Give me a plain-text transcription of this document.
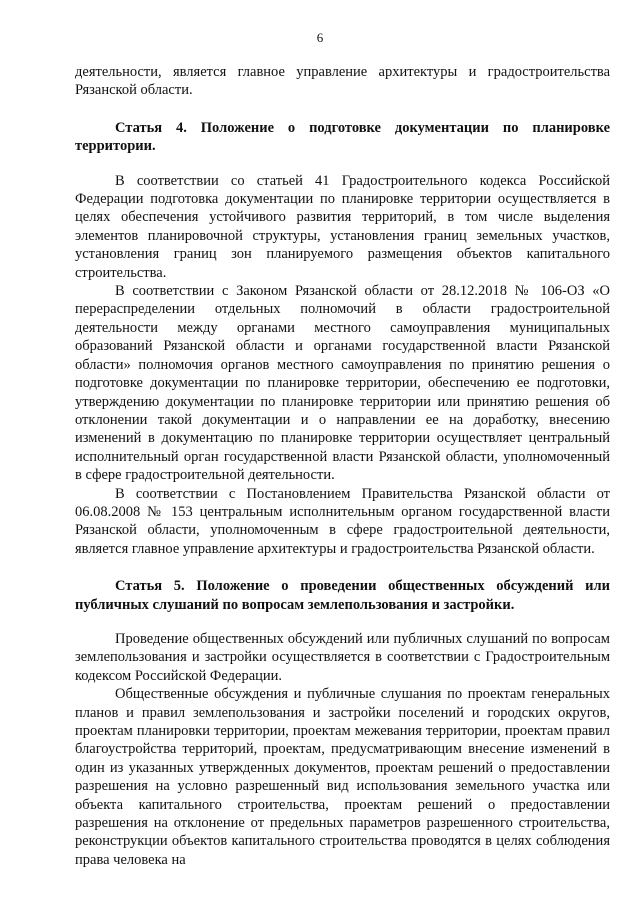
6

деятельности, является главное управление архитектуры и градостроительства Рязанской области.

Статья 4. Положение о подготовке документации по планировке территории.

В соответствии со статьей 41 Градостроительного кодекса Российской Федерации подготовка документации по планировке территории осуществляется в целях обеспечения устойчивого развития территорий, в том числе выделения элементов планировочной структуры, установления границ земельных участков, установления границ зон планируемого размещения объектов капитального строительства.

В соответствии с Законом Рязанской области от 28.12.2018 № 106-ОЗ «О перераспределении отдельных полномочий в области градостроительной деятельности между органами местного самоуправления муниципальных образований Рязанской области и органами государственной власти Рязанской области» полномочия органов местного самоуправления по принятию решения о подготовке документации по планировке территории, обеспечению ее подготовки, утверждению документации по планировке территории или принятию решения об отклонении такой документации и о направлении ее на доработку, внесению изменений в документацию по планировке территории осуществляет центральный исполнительный орган государственной власти Рязанской области, уполномоченный в сфере градостроительной деятельности.

В соответствии с Постановлением Правительства Рязанской области от 06.08.2008 № 153 центральным исполнительным органом государственной власти Рязанской области, уполномоченным в сфере градостроительной деятельности, является главное управление архитектуры и градостроительства Рязанской области.

Статья 5. Положение о проведении общественных обсуждений или публичных слушаний по вопросам землепользования и застройки.

Проведение общественных обсуждений или публичных слушаний по вопросам землепользования и застройки осуществляется в соответствии с Градостроительным кодексом Российской Федерации.

Общественные обсуждения и публичные слушания по проектам генеральных планов и правил землепользования и застройки поселений и городских округов, проектам планировки территории, проектам межевания территории, проектам правил благоустройства территорий, проектам, предусматривающим внесение изменений в один из указанных утвержденных документов, проектам решений о предоставлении разрешения на условно разрешенный вид использования земельного участка или объекта капитального строительства, проектам решений о предоставлении разрешения на отклонение от предельных параметров разрешенного строительства, реконструкции объектов капитального строительства проводятся в целях соблюдения права человека на
